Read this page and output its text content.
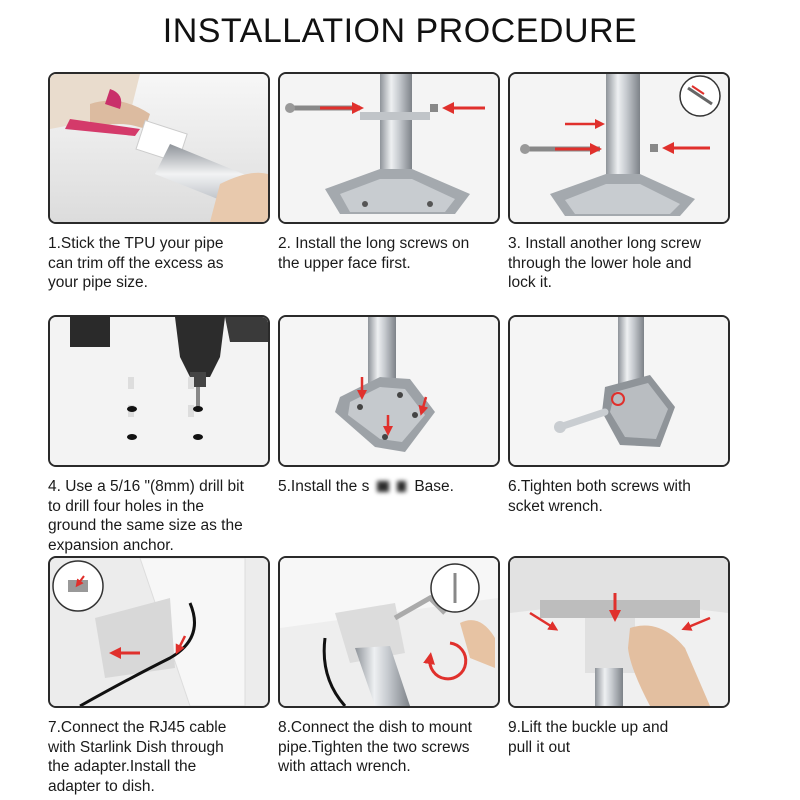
INSTALLATION PROCEDURE
1.Stick the TPU your pipe
can trim off the excess as
your pipe size.
2. Install the long screws on
the upper face first.
3. Install another long screw
through the lower hole and
lock it.
4. Use a 5/16 "(8mm) drill bit
to drill four holes in the
ground the same size as the
expansion anchor.
5.Install the s	Base.	6.Tighten both screws with
scket wrench.
7.Connect the RJ45 cable
with Starlink Dish through
the adapter.Install the
adapter to dish.
8.Connect the dish to mount
pipe.Tighten the two screws
with attach wrench.
9.Lift the buckle up and
pull it out
